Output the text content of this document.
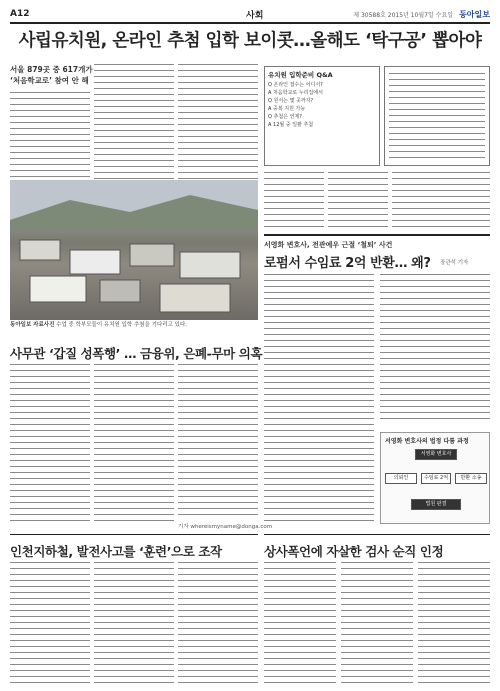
A12	사회	제 30588호 2015년 10월7일 수요일 동아일보
사립유치원, 온라인 추첨 입학 보이콧…올해도 ‘탁구공’ 뽑아야
서울 879곳 중 617개가
‘처음학교로’ 참여 안 해
유치원 입학준비 Q&A
Q 온라인 접수는 어디서?
A 처음학교로 누리집에서
Q 원서는 몇 곳까지?
A 중복 지원 가능
Q 추첨은 언제?
A 12월 중 일괄 추첨
동아일보 자료사진 수업 중 학부모들이 유치원 입학 추첨을 기다리고 있다.
사무관 ‘갑질 성폭행’ … 금융위, 은폐-무마 의혹
기자 whereismyname@donga.com
인천지하철, 발전사고를 ‘훈련’으로 조작
서영화 변호사, 전관예우 근절 ‘철퇴’ 사건
로펌서 수임료 2억 반환… 왜? 장관석 기자
서영화 변호사의 법정 다툼 과정
서영화 변호사
의뢰인	수임료 2억	반환 소송
법원 판결
상사폭언에 자살한 검사 순직 인정
